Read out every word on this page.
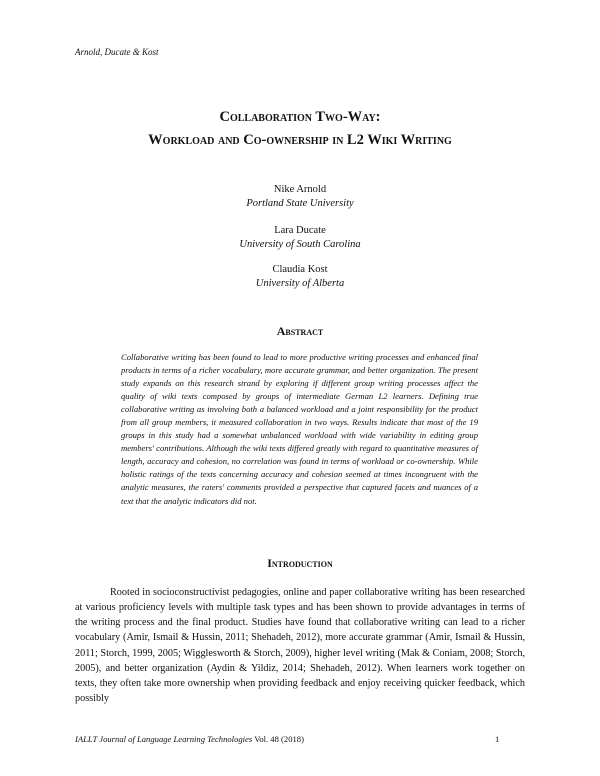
Arnold, Ducate & Kost
Collaboration Two-Way:
Workload and Co-ownership in L2 Wiki Writing
Nike Arnold
Portland State University
Lara Ducate
University of South Carolina
Claudia Kost
University of Alberta
Abstract

Collaborative writing has been found to lead to more productive writing processes and enhanced final products in terms of a richer vocabulary, more accurate grammar, and better organization. The present study expands on this research strand by exploring if different group writing processes affect the quality of wiki texts composed by groups of intermediate German L2 learners. Defining true collaborative writing as involving both a balanced workload and a joint responsibility for the product from all group members, it measured collaboration in two ways. Results indicate that most of the 19 groups in this study had a somewhat unbalanced workload with wide variability in editing group members' contributions. Although the wiki texts differed greatly with regard to quantitative measures of length, accuracy and cohesion, no correlation was found in terms of workload or co-ownership. While holistic ratings of the texts concerning accuracy and cohesion seemed at times incongruent with the analytic measures, the raters' comments provided a perspective that captured facets and nuances of a text that the analytic indicators did not.

Introduction

Rooted in socioconstructivist pedagogies, online and paper collaborative writing has been researched at various proficiency levels with multiple task types and has been shown to provide advantages in terms of the writing process and the final product. Studies have found that collaborative writing can lead to a richer vocabulary (Amir, Ismail & Hussin, 2011; Shehadeh, 2012), more accurate grammar (Amir, Ismail & Hussin, 2011; Storch, 1999, 2005; Wigglesworth & Storch, 2009), higher level writing (Mak & Coniam, 2008; Storch, 2005), and better organization (Aydin & Yildiz, 2014; Shehadeh, 2012). When learners work together on texts, they often take more ownership when providing feedback and enjoy receiving quicker feedback, which possibly

IALLT Journal of Language Learning Technologies Vol. 48 (2018)	1
